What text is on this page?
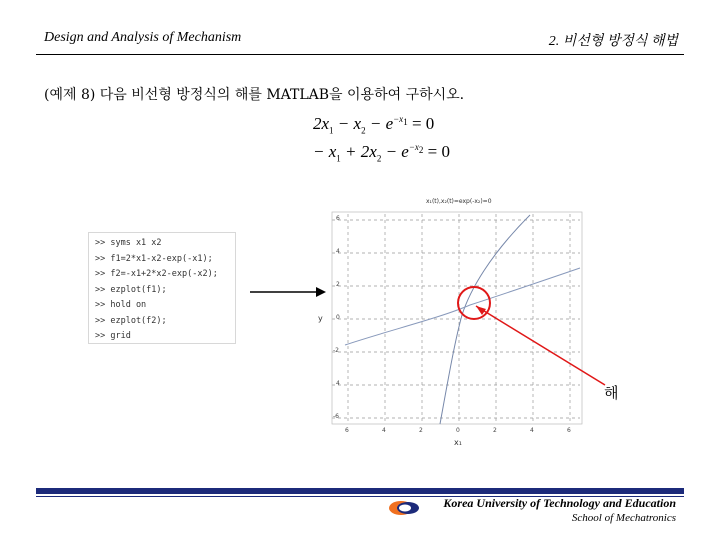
Design and Analysis of Mechanism	2. 비선형 방정식 해법
(예제 8) 다음 비선형 방정식의 해를 MATLAB을 이용하여 구하시오.
$2x_1 - x_2 - e^{-x_1} = 0$
− $x_1 + 2x_2 - e^{-x_2} = 0$
>> syms x1 x2
>> f1=2*x1-x2-exp(-x1);
>> f2=-x1+2*x2-exp(-x2);
>> ezplot(f1);
>> hold on
>> ezplot(f2);
>> grid
x₁(t),x₂(t)=exp(-x₂)=0
y
x₁
6
4
2
0
-2
4
-6
6	4	2	0	2	4	6
해
Korea University of Technology and Education
School of Mechatronics
